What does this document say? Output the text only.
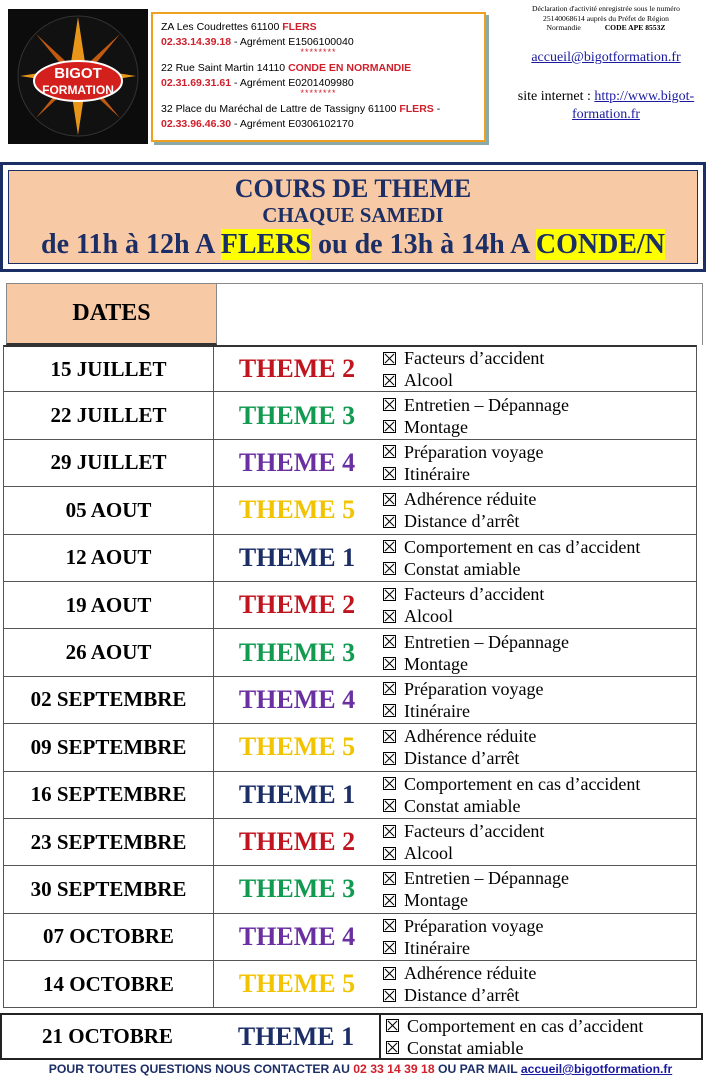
BIGOT
FORMATION
ZA Les Coudrettes 61100 FLERS
02.33.14.39.18 - Agrément E1506100040
********
22 Rue Saint Martin 14110 CONDE EN NORMANDIE
02.31.69.31.61 - Agrément E0201409980
********
32 Place du Maréchal de Lattre de Tassigny 61100 FLERS -
02.33.96.46.30 - Agrément E0306102170
Déclaration d'activité enregistrée sous le numéro
25140068614 auprès du Préfet de Région
Normandie	CODE APE 8553Z
accueil@bigotformation.fr
site internet : http://www.bigot-formation.fr
COURS DE THEME
CHAQUE SAMEDI
de 11h à 12h A FLERS ou de 13h à 14h A CONDE/N
DATES
15 JUILLET	THEME 2	Facteurs d’accident
Alcool
22 JUILLET	THEME 3	Entretien – Dépannage
Montage
29 JUILLET	THEME 4	Préparation voyage
Itinéraire
05 AOUT	THEME 5	Adhérence réduite
Distance d’arrêt
12 AOUT	THEME 1	Comportement en cas d’accident
Constat amiable
19 AOUT	THEME 2	Facteurs d’accident
Alcool
26 AOUT	THEME 3	Entretien – Dépannage
Montage
02 SEPTEMBRE	THEME 4	Préparation voyage
Itinéraire
09 SEPTEMBRE	THEME 5	Adhérence réduite
Distance d’arrêt
16 SEPTEMBRE	THEME 1	Comportement en cas d’accident
Constat amiable
23 SEPTEMBRE	THEME 2	Facteurs d’accident
Alcool
30 SEPTEMBRE	THEME 3	Entretien – Dépannage
Montage
07 OCTOBRE	THEME 4	Préparation voyage
Itinéraire
14 OCTOBRE	THEME 5	Adhérence réduite
Distance d’arrêt
21 OCTOBRE	THEME 1	Comportement en cas d’accident
Constat amiable
POUR TOUTES QUESTIONS NOUS CONTACTER AU 02 33 14 39 18 OU PAR MAIL accueil@bigotformation.fr
